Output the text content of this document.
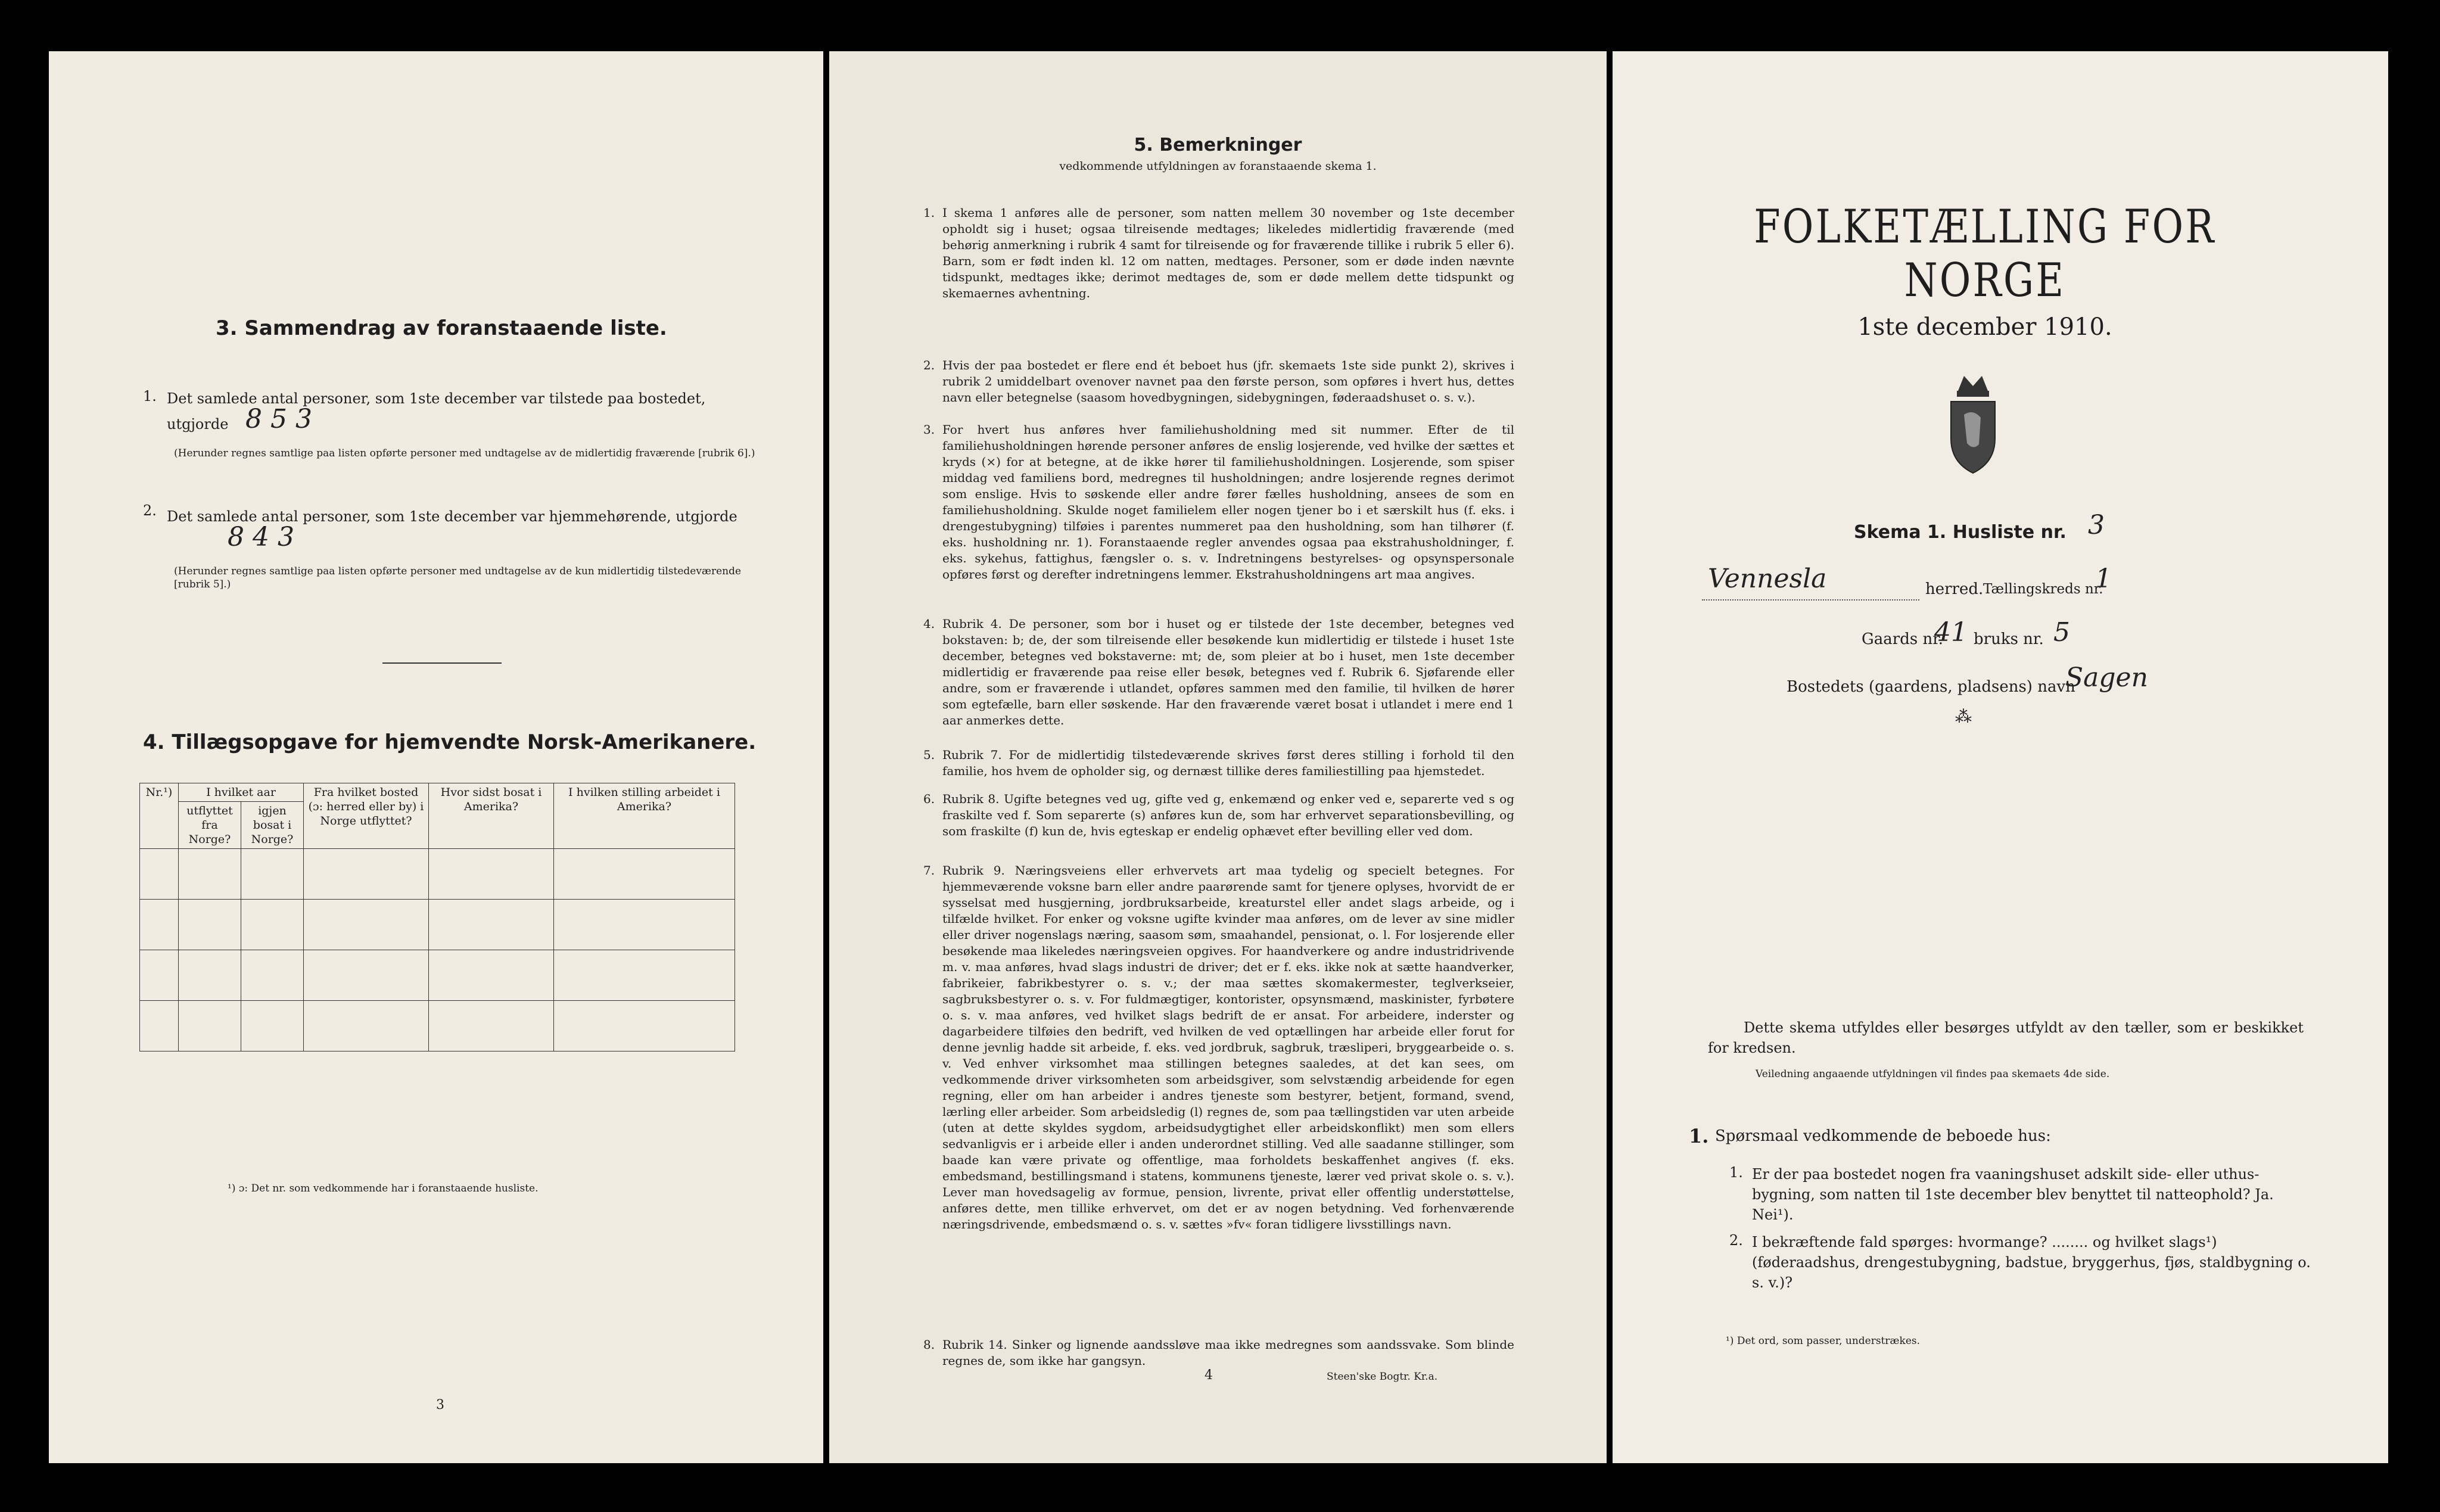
3. Sammendrag av foranstaaende liste.
1. Det samlede antal personer, som 1ste december var tilstede paa bostedet,
utgjorde 8 5 3
(Herunder regnes samtlige paa listen opførte personer med undtagelse av de midlertidig fraværende [rubrik 6].)
2. Det samlede antal personer, som 1ste december var hjemmehørende, utgjorde
8 4 3
(Herunder regnes samtlige paa listen opførte personer med undtagelse av de kun midlertidig tilstedeværende [rubrik 5].)
4. Tillægsopgave for hjemvendte Norsk-Amerikanere.
Nr.¹)	I hvilket aar		Fra hvilket bosted (ɔ: herred eller by) i Norge utflyttet?	Hvor sidst bosat i Amerika?	I hvilken stilling arbeidet i Amerika?
	utflyttet fra Norge?	igjen bosat i Norge?			

¹) ɔ: Det nr. som vedkommende har i foranstaaende husliste.
3
5. Bemerkninger
vedkommende utfyldningen av foranstaaende skema 1.
1. I skema 1 anføres alle de personer, som natten mellem 30 november og 1ste december opholdt sig i huset; ogsaa tilreisende medtages; likeledes midlertidig fraværende (med behørig anmerkning i rubrik 4 samt for tilreisende og for fraværende tillike i rubrik 5 eller 6). Barn, som er født inden kl. 12 om natten, medtages. Personer, som er døde inden nævnte tidspunkt, medtages ikke; derimot medtages de, som er døde mellem dette tidspunkt og skemaernes avhentning.
2. Hvis der paa bostedet er flere end ét beboet hus (jfr. skemaets 1ste side punkt 2), skrives i rubrik 2 umiddelbart ovenover navnet paa den første person, som opføres i hvert hus, dettes navn eller betegnelse (saasom hovedbygningen, sidebygningen, føderaadshuset o. s. v.).
3. For hvert hus anføres hver familiehusholdning med sit nummer. Efter de til familiehusholdningen hørende personer anføres de enslig losjerende, ved hvilke der sættes et kryds (×) for at betegne, at de ikke hører til familiehusholdningen. Losjerende, som spiser middag ved familiens bord, medregnes til husholdningen; andre losjerende regnes derimot som enslige. Hvis to søskende eller andre fører fælles husholdning, ansees de som en familiehusholdning. Skulde noget familielem eller nogen tjener bo i et særskilt hus (f. eks. i drengestubygning) tilføies i parentes nummeret paa den husholdning, som han tilhører (f. eks. husholdning nr. 1). Foranstaaende regler anvendes ogsaa paa ekstrahusholdninger, f. eks. sykehus, fattighus, fængsler o. s. v. Indretningens bestyrelses- og opsynspersonale opføres først og derefter indretningens lemmer. Ekstrahusholdningens art maa angives.
4. Rubrik 4. De personer, som bor i huset og er tilstede der 1ste december, betegnes ved bokstaven: b; de, der som tilreisende eller besøkende kun midlertidig er tilstede i huset 1ste december, betegnes ved bokstaverne: mt; de, som pleier at bo i huset, men 1ste december midlertidig er fraværende paa reise eller besøk, betegnes ved f. Rubrik 6. Sjøfarende eller andre, som er fraværende i utlandet, opføres sammen med den familie, til hvilken de hører som egtefælle, barn eller søskende. Har den fraværende været bosat i utlandet i mere end 1 aar anmerkes dette.
5. Rubrik 7. For de midlertidig tilstedeværende skrives først deres stilling i forhold til den familie, hos hvem de opholder sig, og dernæst tillike deres familiestilling paa hjemstedet.
6. Rubrik 8. Ugifte betegnes ved ug, gifte ved g, enkemænd og enker ved e, separerte ved s og fraskilte ved f. Som separerte (s) anføres kun de, som har erhvervet separationsbevilling, og som fraskilte (f) kun de, hvis egteskap er endelig ophævet efter bevilling eller ved dom.
7. Rubrik 9. Næringsveiens eller erhvervets art maa tydelig og specielt betegnes. For hjemmeværende voksne barn eller andre paarørende samt for tjenere oplyses, hvorvidt de er sysselsat med husgjerning, jordbruksarbeide, kreaturstel eller andet slags arbeide, og i tilfælde hvilket. For enker og voksne ugifte kvinder maa anføres, om de lever av sine midler eller driver nogenslags næring, saasom søm, smaahandel, pensionat, o. l. For losjerende eller besøkende maa likeledes næringsveien opgives. For haandverkere og andre industridrivende m. v. maa anføres, hvad slags industri de driver; det er f. eks. ikke nok at sætte haandverker, fabrikeier, fabrikbestyrer o. s. v.; der maa sættes skomakermester, teglverkseier, sagbruksbestyrer o. s. v. For fuldmægtiger, kontorister, opsynsmænd, maskinister, fyrbøtere o. s. v. maa anføres, ved hvilket slags bedrift de er ansat. For arbeidere, inderster og dagarbeidere tilføies den bedrift, ved hvilken de ved optællingen har arbeide eller forut for denne jevnlig hadde sit arbeide, f. eks. ved jordbruk, sagbruk, træsliperi, bryggearbeide o. s. v. Ved enhver virksomhet maa stillingen betegnes saaledes, at det kan sees, om vedkommende driver virksomheten som arbeidsgiver, som selvstændig arbeidende for egen regning, eller om han arbeider i andres tjeneste som bestyrer, betjent, formand, svend, lærling eller arbeider. Som arbeidsledig (l) regnes de, som paa tællingstiden var uten arbeide (uten at dette skyldes sygdom, arbeidsudygtighet eller arbeidskonflikt) men som ellers sedvanligvis er i arbeide eller i anden underordnet stilling. Ved alle saadanne stillinger, som baade kan være private og offentlige, maa forholdets beskaffenhet angives (f. eks. embedsmand, bestillingsmand i statens, kommunens tjeneste, lærer ved privat skole o. s. v.). Lever man hovedsagelig av formue, pension, livrente, privat eller offentlig understøttelse, anføres dette, men tillike erhvervet, om det er av nogen betydning. Ved forhenværende næringsdrivende, embedsmænd o. s. v. sættes »fv« foran tidligere livsstillings navn.
8. Rubrik 14. Sinker og lignende aandssløve maa ikke medregnes som aandssvake. Som blinde regnes de, som ikke har gangsyn.
4	Steen'ske Bogtr. Kr.a.
FOLKETÆLLING FOR NORGE
1ste december 1910.
Skema 1. Husliste nr. 3
Vennesla	herred. Tællingskreds nr.
1
Gaards nr.
41 bruks nr. 5
Bostedets (gaardens, pladsens) navn
Sagen
⁂
Dette skema utfyldes eller besørges utfyldt av den tæller, som er beskikket for kredsen.
Veiledning angaaende utfyldningen vil findes paa skemaets 4de side.
1. Spørsmaal vedkommende de beboede hus:
1. Er der paa bostedet nogen fra vaaningshuset adskilt side- eller uthus-bygning, som natten til 1ste december blev benyttet til natteophold? Ja. Nei¹).
2. I bekræftende fald spørges: hvormange? ........ og hvilket slags¹) (føderaadshus, drengestubygning, badstue, bryggerhus, fjøs, staldbygning o. s. v.)?
¹) Det ord, som passer, understrækes.
